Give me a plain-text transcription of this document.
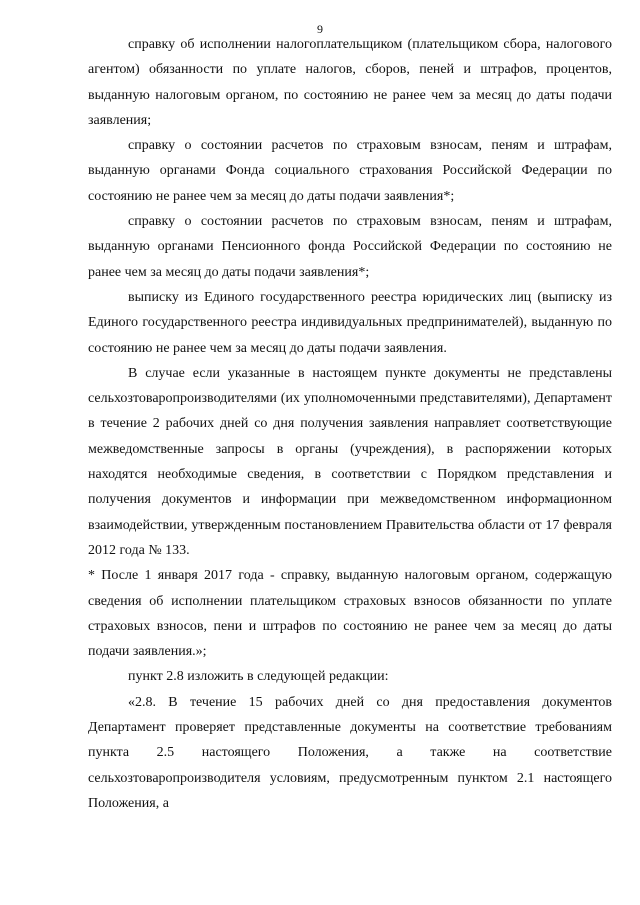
9

справку об исполнении налогоплательщиком (плательщиком сбора, налогового агентом) обязанности по уплате налогов, сборов, пеней и штрафов, процентов, выданную налоговым органом, по состоянию не ранее чем за месяц до даты подачи заявления;

справку о состоянии расчетов по страховым взносам, пеням и штрафам, выданную органами Фонда социального страхования Российской Федерации по состоянию не ранее чем за месяц до даты подачи заявления*;

справку о состоянии расчетов по страховым взносам, пеням и штрафам, выданную органами Пенсионного фонда Российской Федерации по состоянию не ранее чем за месяц до даты подачи заявления*;

выписку из Единого государственного реестра юридических лиц (выписку из Единого государственного реестра индивидуальных предпринимателей), выданную по состоянию не ранее чем за месяц до даты подачи заявления.

В случае если указанные в настоящем пункте документы не представлены сельхозтоваропроизводителями (их уполномоченными представителями), Департамент в течение 2 рабочих дней со дня получения заявления направляет соответствующие межведомственные запросы в органы (учреждения), в распоряжении которых находятся необходимые сведения, в соответствии с Порядком представления и получения документов и информации при межведомственном информационном взаимодействии, утвержденным постановлением Правительства области от 17 февраля 2012 года № 133.

* После 1 января 2017 года - справку, выданную налоговым органом, содержащую сведения об исполнении плательщиком страховых взносов обязанности по уплате страховых взносов, пени и штрафов по состоянию не ранее чем за месяц до даты подачи заявления.»;

пункт 2.8 изложить в следующей редакции:

«2.8. В течение 15 рабочих дней со дня предоставления документов Департамент проверяет представленные документы на соответствие требованиям пункта 2.5 настоящего Положения, а также на соответствие сельхозтоваропроизводителя условиям, предусмотренным пунктом 2.1 настоящего Положения, а
